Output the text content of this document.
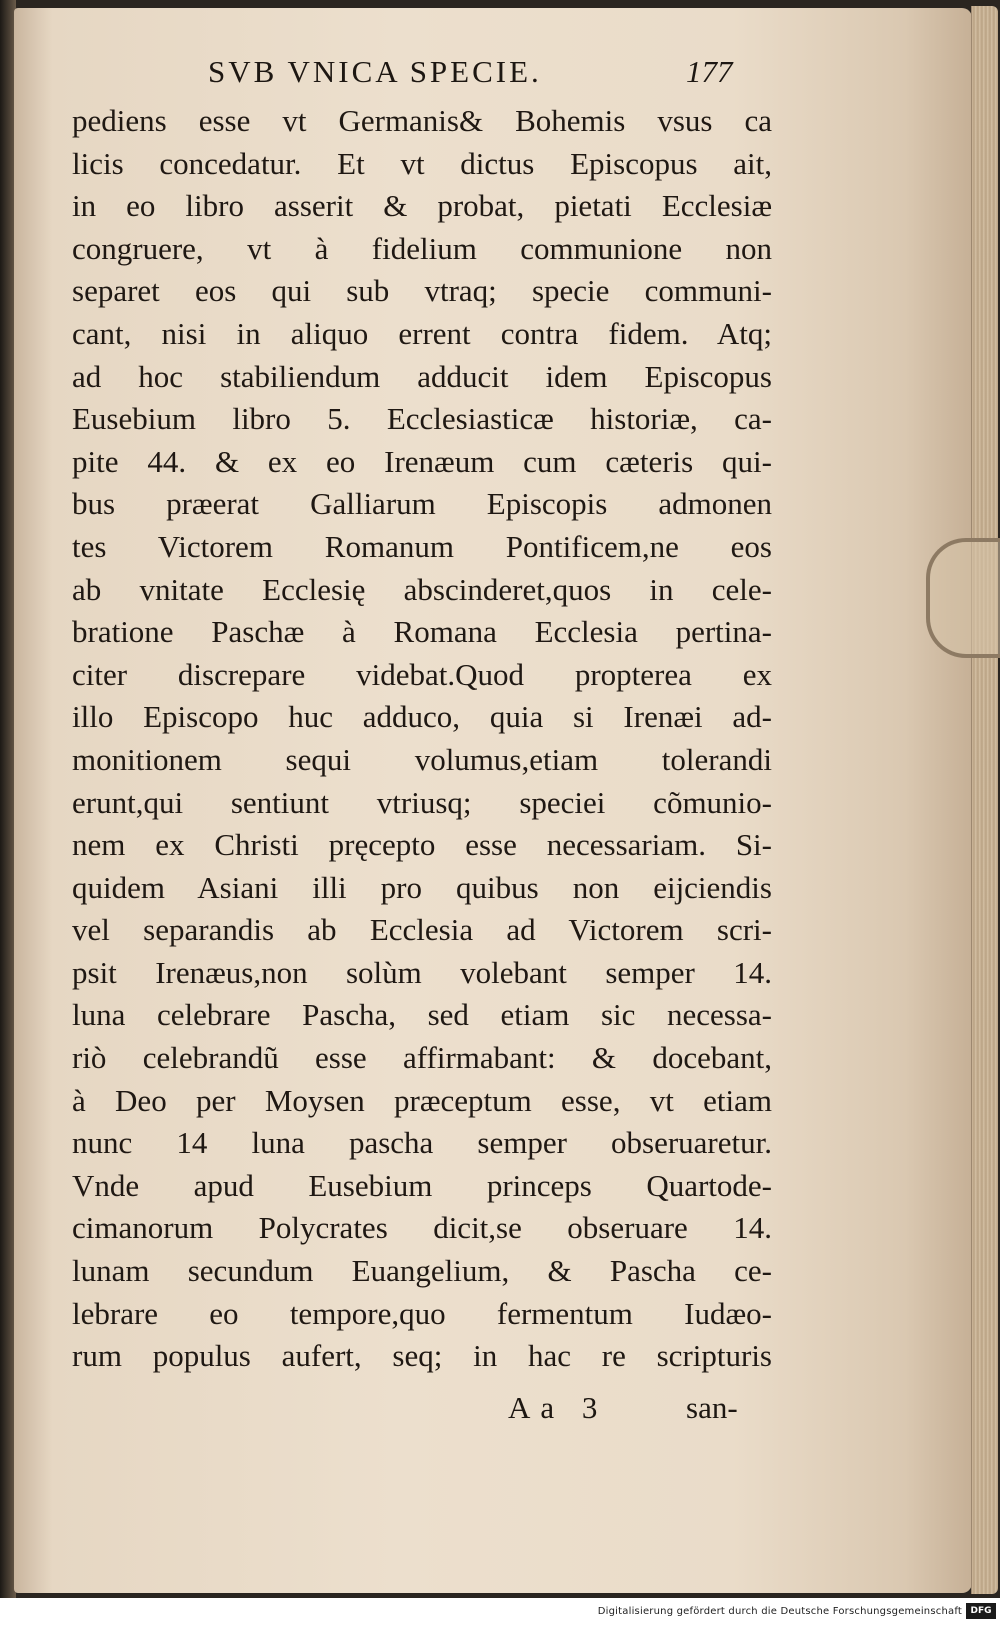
SVB VNICA SPECIE.	177
pediens esse vt Germanis& Bohemis vsus ca
licis concedatur. Et vt dictus Episcopus ait,
in eo libro asserit & probat, pietati Ecclesiæ
congruere, vt à fidelium communione non
separet eos qui sub vtraq; specie communi-
cant, nisi in aliquo errent contra fidem. Atq;
ad hoc stabiliendum adducit idem Episcopus
Eusebium libro 5. Ecclesiasticæ historiæ, ca-
pite 44. & ex eo Irenæum cum cæteris qui-
bus præerat Galliarum Episcopis admonen
tes Victorem Romanum Pontificem,ne eos
ab vnitate Ecclesię abscinderet,quos in cele-
bratione Paschæ à Romana Ecclesia pertina-
citer discrepare videbat.Quod propterea ex
illo Episcopo huc adduco, quia si Irenæi ad-
monitionem sequi volumus,etiam tolerandi
erunt,qui sentiunt vtriusq; speciei cõmunio-
nem ex Christi pręcepto esse necessariam. Si-
quidem Asiani illi pro quibus non eijciendis
vel separandis ab Ecclesia ad Victorem scri-
psit Irenæus,non solùm volebant semper 14.
luna celebrare Pascha, sed etiam sic necessa-
riò celebrandũ esse affirmabant: & docebant,
à Deo per Moysen præceptum esse, vt etiam
nunc 14 luna pascha semper obseruaretur.
Vnde apud Eusebium princeps Quartode-
cimanorum Polycrates dicit,se obseruare 14.
lunam secundum Euangelium, & Pascha ce-
lebrare eo tempore,quo fermentum Iudæo-
rum populus aufert, seq; in hac re scripturis
Aa 3	san-
Digitalisierung gefördert durch die Deutsche Forschungsgemeinschaft DFG
